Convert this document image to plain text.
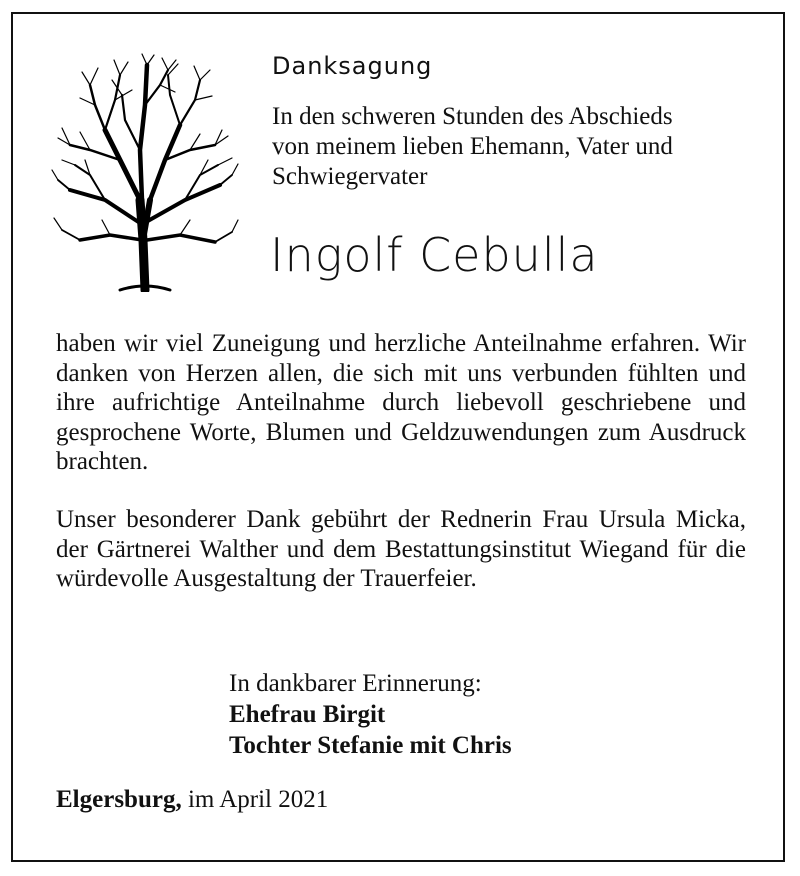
Danksagung
In den schweren Stunden des Abschieds
von meinem lieben Ehemann, Vater und
Schwiegervater
Ingolf Cebulla
haben wir viel Zuneigung und herzliche Anteilnahme erfahren. Wir danken von Herzen allen, die sich mit uns verbunden fühlten und ihre aufrichtige Anteilnahme durch liebevoll geschriebene und gesprochene Worte, Blumen und Geldzuwendungen zum Ausdruck brachten.
Unser besonderer Dank gebührt der Rednerin Frau Ursula Micka, der Gärtnerei Walther und dem Bestattungsinstitut Wiegand für die würdevolle Ausgestaltung der Trauerfeier.
In dankbarer Erinnerung:
Ehefrau Birgit
Tochter Stefanie mit Chris
Elgersburg, im April 2021
